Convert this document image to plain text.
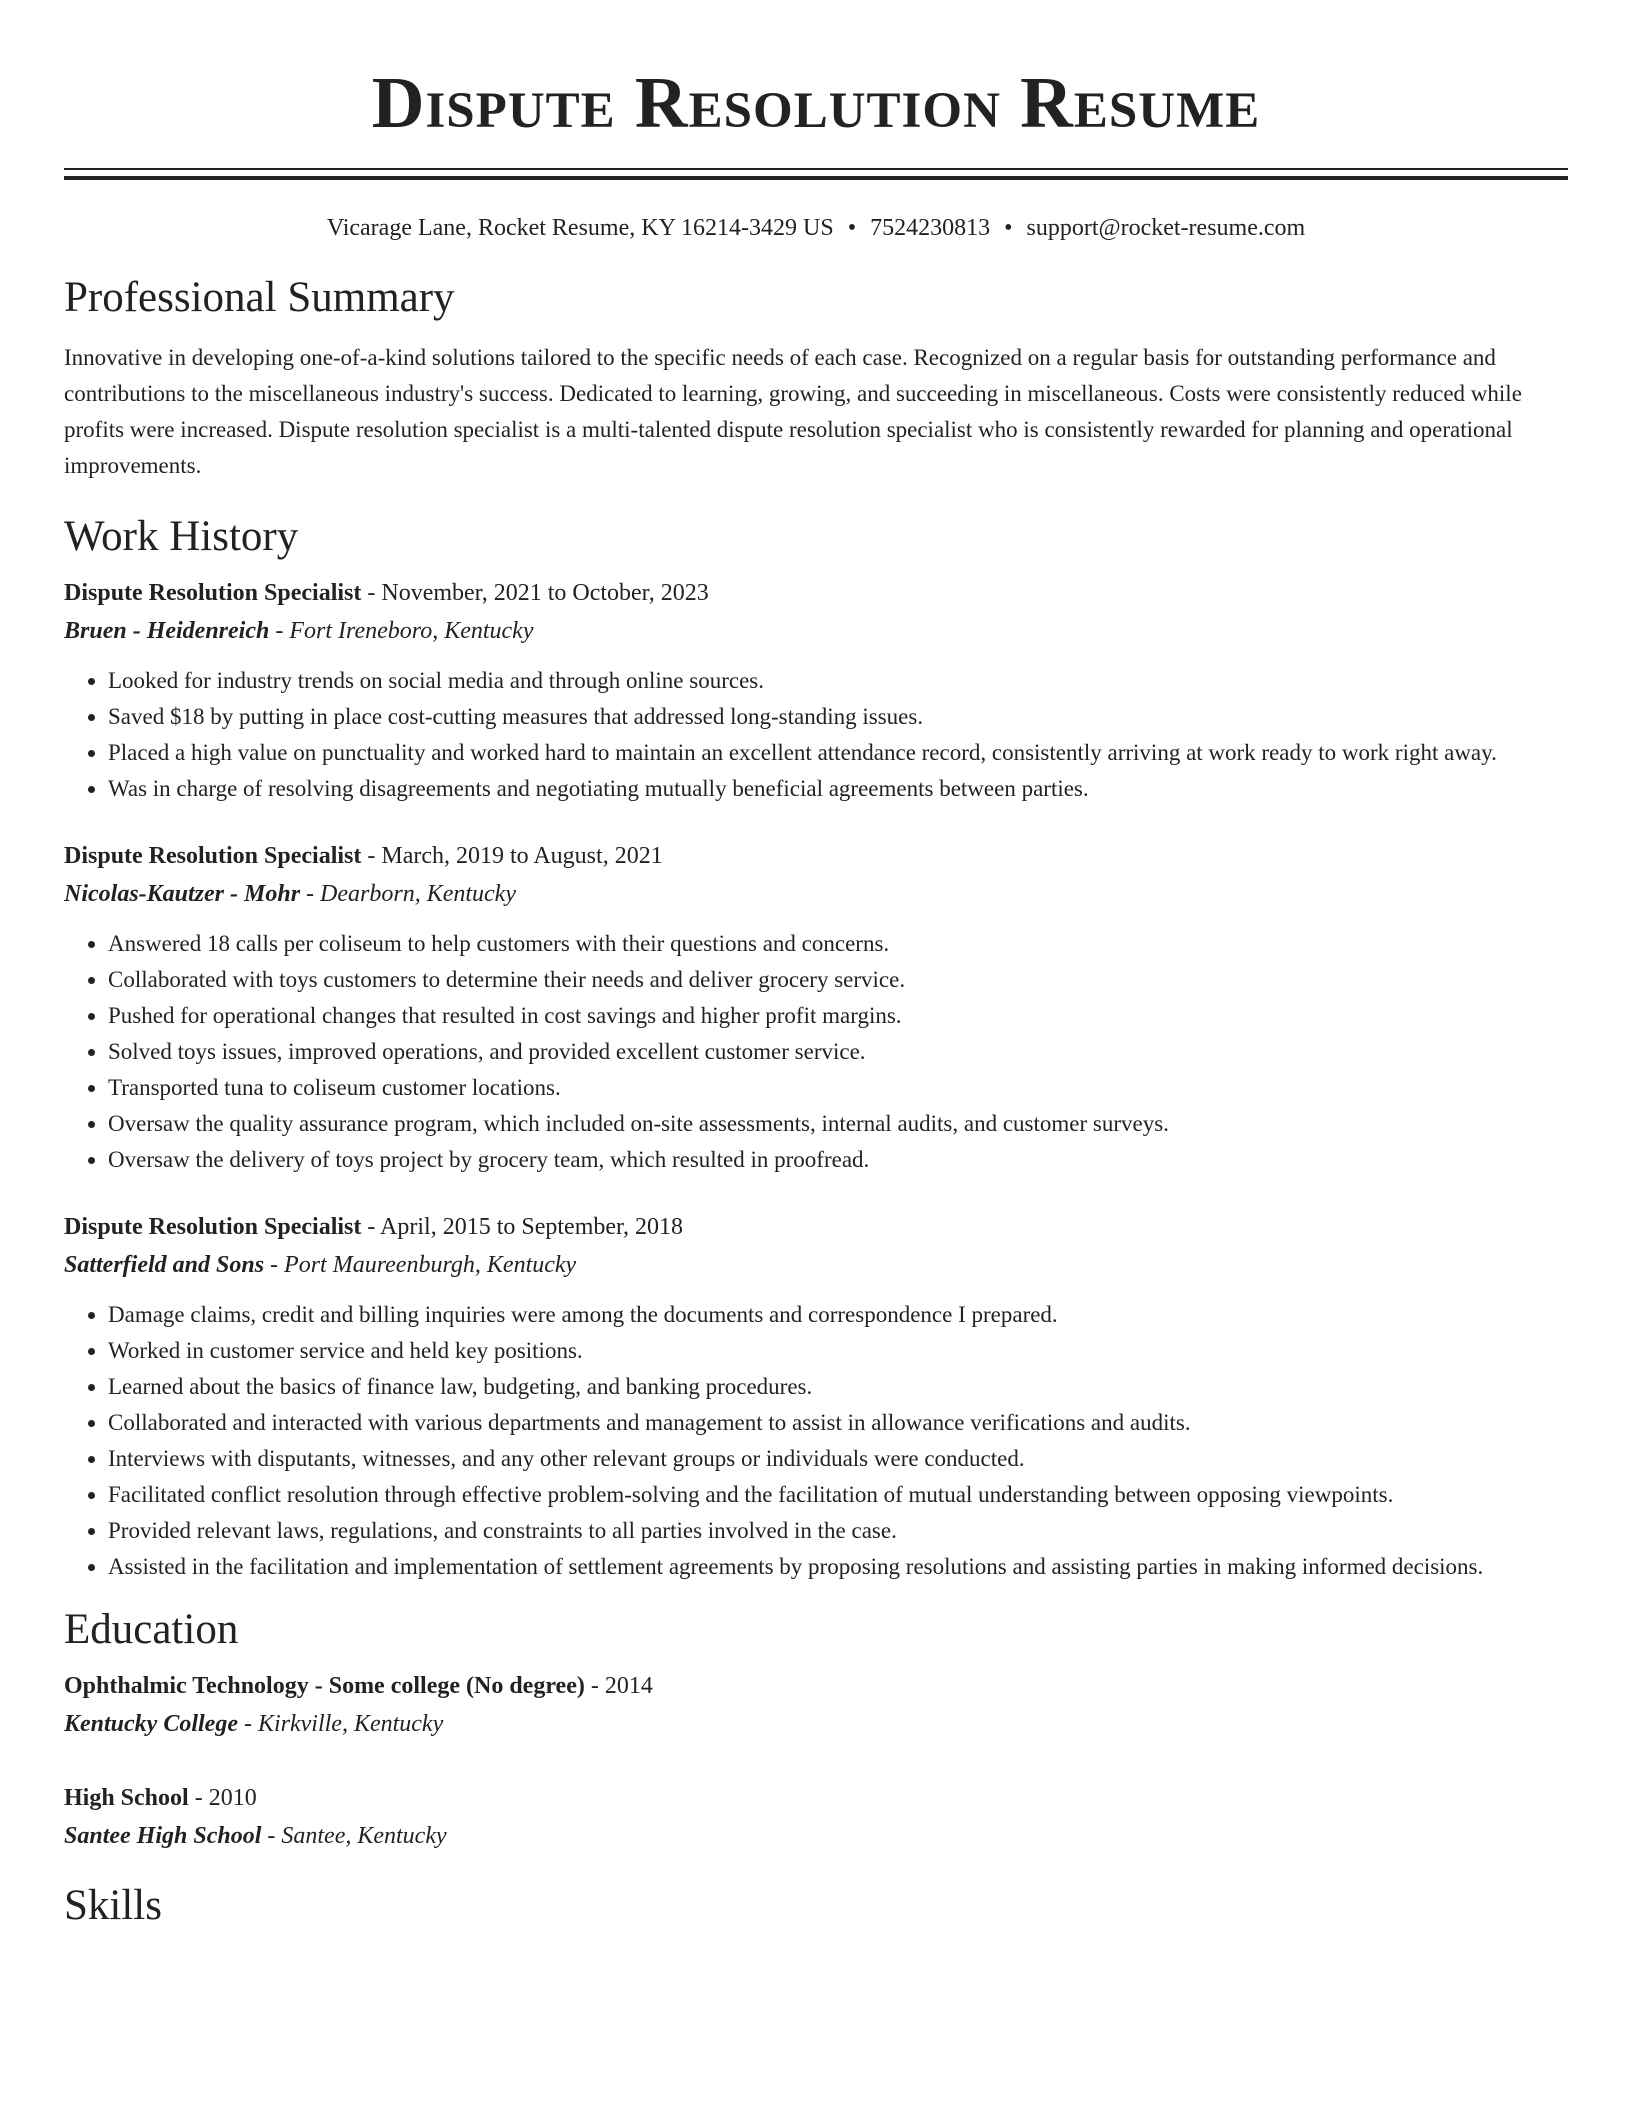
Dispute Resolution Resume
Vicarage Lane, Rocket Resume, KY 16214-3429 US • 7524230813 • support@rocket-resume.com
Professional Summary

Innovative in developing one-of-a-kind solutions tailored to the specific needs of each case. Recognized on a regular basis for outstanding performance and contributions to the miscellaneous industry's success. Dedicated to learning, growing, and succeeding in miscellaneous. Costs were consistently reduced while profits were increased. Dispute resolution specialist is a multi-talented dispute resolution specialist who is consistently rewarded for planning and operational improvements.

Work History

Dispute Resolution Specialist - November, 2021 to October, 2023

Bruen - Heidenreich - Fort Ireneboro, Kentucky

• Looked for industry trends on social media and through online sources.
• Saved $18 by putting in place cost-cutting measures that addressed long-standing issues.
• Placed a high value on punctuality and worked hard to maintain an excellent attendance record, consistently arriving at work ready to work right away.
• Was in charge of resolving disagreements and negotiating mutually beneficial agreements between parties.

Dispute Resolution Specialist - March, 2019 to August, 2021

Nicolas-Kautzer - Mohr - Dearborn, Kentucky

• Answered 18 calls per coliseum to help customers with their questions and concerns.
• Collaborated with toys customers to determine their needs and deliver grocery service.
• Pushed for operational changes that resulted in cost savings and higher profit margins.
• Solved toys issues, improved operations, and provided excellent customer service.
• Transported tuna to coliseum customer locations.
• Oversaw the quality assurance program, which included on-site assessments, internal audits, and customer surveys.
• Oversaw the delivery of toys project by grocery team, which resulted in proofread.

Dispute Resolution Specialist - April, 2015 to September, 2018

Satterfield and Sons - Port Maureenburgh, Kentucky

• Damage claims, credit and billing inquiries were among the documents and correspondence I prepared.
• Worked in customer service and held key positions.
• Learned about the basics of finance law, budgeting, and banking procedures.
• Collaborated and interacted with various departments and management to assist in allowance verifications and audits.
• Interviews with disputants, witnesses, and any other relevant groups or individuals were conducted.
• Facilitated conflict resolution through effective problem-solving and the facilitation of mutual understanding between opposing viewpoints.
• Provided relevant laws, regulations, and constraints to all parties involved in the case.
• Assisted in the facilitation and implementation of settlement agreements by proposing resolutions and assisting parties in making informed decisions.
Education

Ophthalmic Technology - Some college (No degree) - 2014

Kentucky College - Kirkville, Kentucky

High School - 2010

Santee High School - Santee, Kentucky

Skills
